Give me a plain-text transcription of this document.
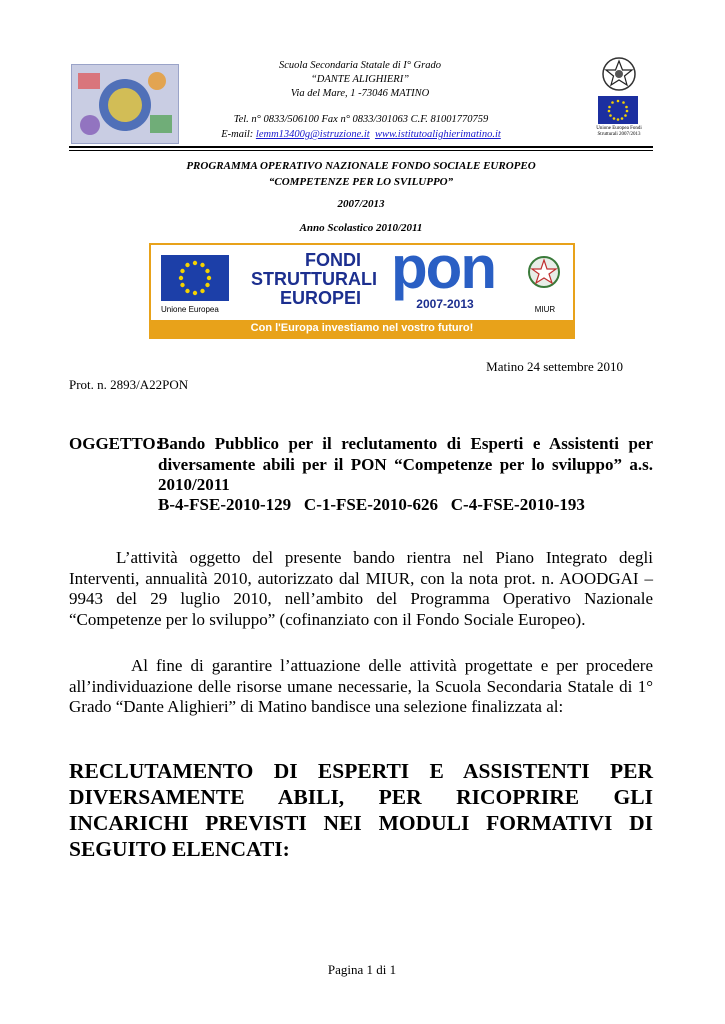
Scuola Secondaria Statale di I° Grado
“DANTE ALIGHIERI”
Via del Mare, 1 -73046 MATINO
Tel. n° 0833/506100 Fax n° 0833/301063 C.F. 81001770759
E-mail: lemm13400g@istruzione.it www.istitutoalighierimatino.it
Unione Europea Fondi Strutturali 2007/2013
PROGRAMMA OPERATIVO NAZIONALE FONDO SOCIALE EUROPEO
“COMPETENZE PER LO SVILUPPO”
2007/2013
Anno Scolastico 2010/2011
Unione Europea
FONDI
STRUTTURALI
EUROPEI pon
2007-2013	MIUR
Con l'Europa investiamo nel vostro futuro!
Matino 24 settembre 2010
Prot. n. 2893/A22PON
OGGETTO:
Bando Pubblico per il reclutamento di Esperti e Assistenti per diversamente abili per il PON “Competenze per lo sviluppo” a.s. 2010/2011
B-4-FSE-2010-129   C-1-FSE-2010-626   C-4-FSE-2010-193
L’attività oggetto del presente bando rientra nel Piano Integrato degli Interventi, annualità 2010, autorizzato dal MIUR, con la nota prot. n. AOODGAI – 9943 del 29 luglio 2010, nell’ambito del Programma Operativo Nazionale “Competenze per lo sviluppo” (cofinanziato con il Fondo Sociale Europeo).
Al fine di garantire l’attuazione delle attività progettate e per procedere all’individuazione delle risorse umane necessarie, la Scuola Secondaria Statale di 1° Grado “Dante Alighieri” di Matino bandisce una selezione finalizzata al:
RECLUTAMENTO DI ESPERTI E ASSISTENTI PER
DIVERSAMENTE ABILI, PER RICOPRIRE GLI
INCARICHI PREVISTI NEI MODULI FORMATIVI DI
SEGUITO ELENCATI:
Pagina 1 di 1
